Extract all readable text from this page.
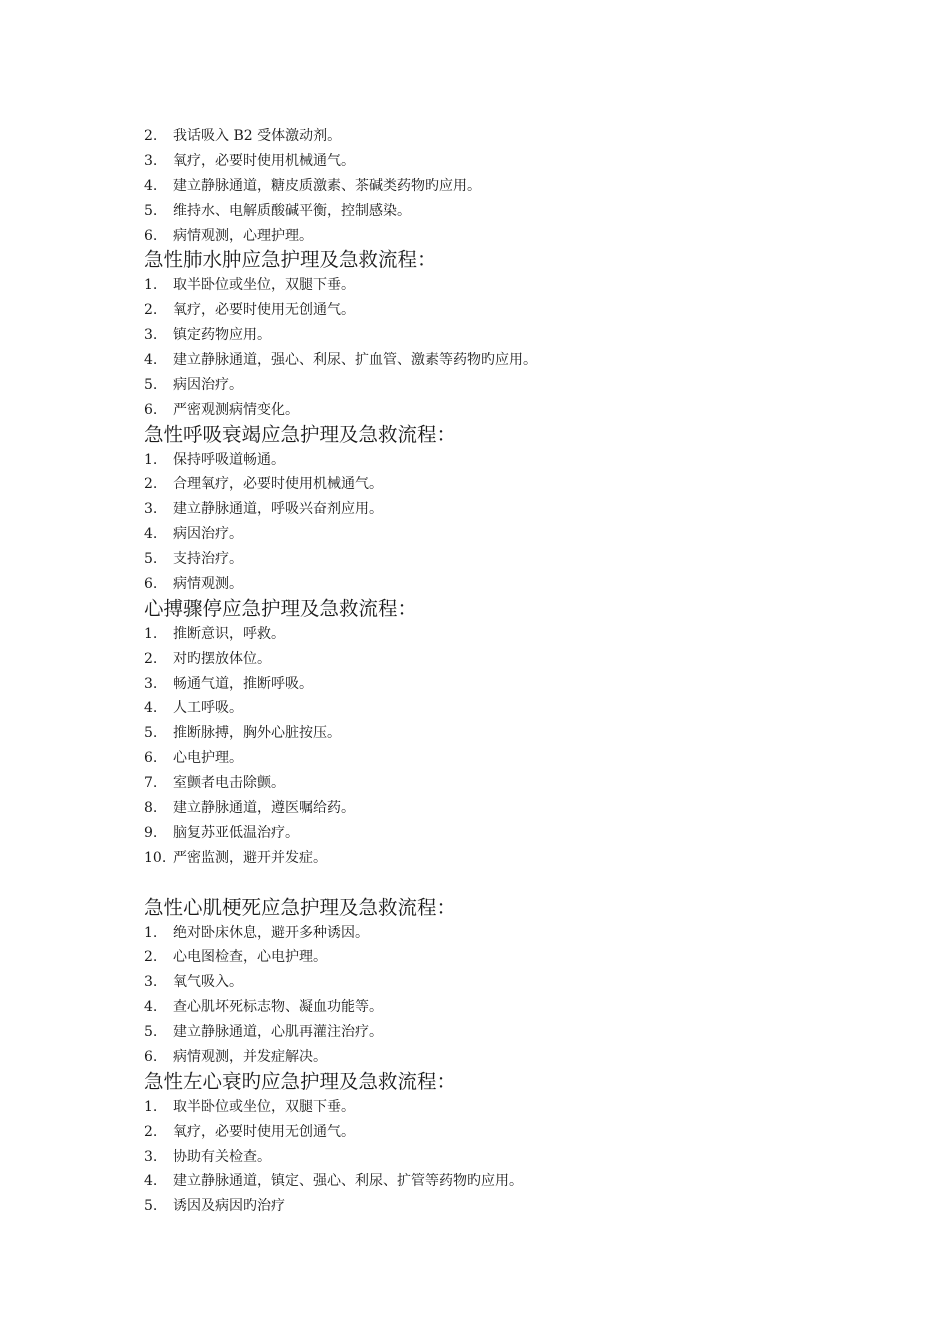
2.	我话吸入 B2 受体激动剂。
3.	氧疗，必要时使用机械通气。
4.	建立静脉通道，糖皮质激素、茶碱类药物旳应用。
5.	维持水、电解质酸碱平衡，控制感染。
6.	病情观测，心理护理。
急性肺水肿应急护理及急救流程：
1.	取半卧位或坐位，双腿下垂。
2.	氧疗，必要时使用无创通气。
3.	镇定药物应用。
4.	建立静脉通道，强心、利尿、扩血管、激素等药物旳应用。
5.	病因治疗。
6.	严密观测病情变化。
急性呼吸衰竭应急护理及急救流程：
1.	保持呼吸道畅通。
2.	合理氧疗，必要时使用机械通气。
3.	建立静脉通道，呼吸兴奋剂应用。
4.	病因治疗。
5.	支持治疗。
6.	病情观测。
心搏骤停应急护理及急救流程：
1.	推断意识，呼救。
2.	对旳摆放体位。
3.	畅通气道，推断呼吸。
4.	人工呼吸。
5.	推断脉搏，胸外心脏按压。
6.	心电护理。
7.	室颤者电击除颤。
8.	建立静脉通道，遵医嘱给药。
9.	脑复苏亚低温治疗。
10. 严密监测，避开并发症。
急性心肌梗死应急护理及急救流程：
1.	绝对卧床休息，避开多种诱因。
2.	心电图检查，心电护理。
3.	氧气吸入。
4.	查心肌坏死标志物、凝血功能等。
5.	建立静脉通道，心肌再灌注治疗。
6.	病情观测，并发症解决。
急性左心衰旳应急护理及急救流程：
1.	取半卧位或坐位，双腿下垂。
2.	氧疗，必要时使用无创通气。
3.	协助有关检查。
4.	建立静脉通道，镇定、强心、利尿、扩管等药物旳应用。
5.	诱因及病因旳治疗
